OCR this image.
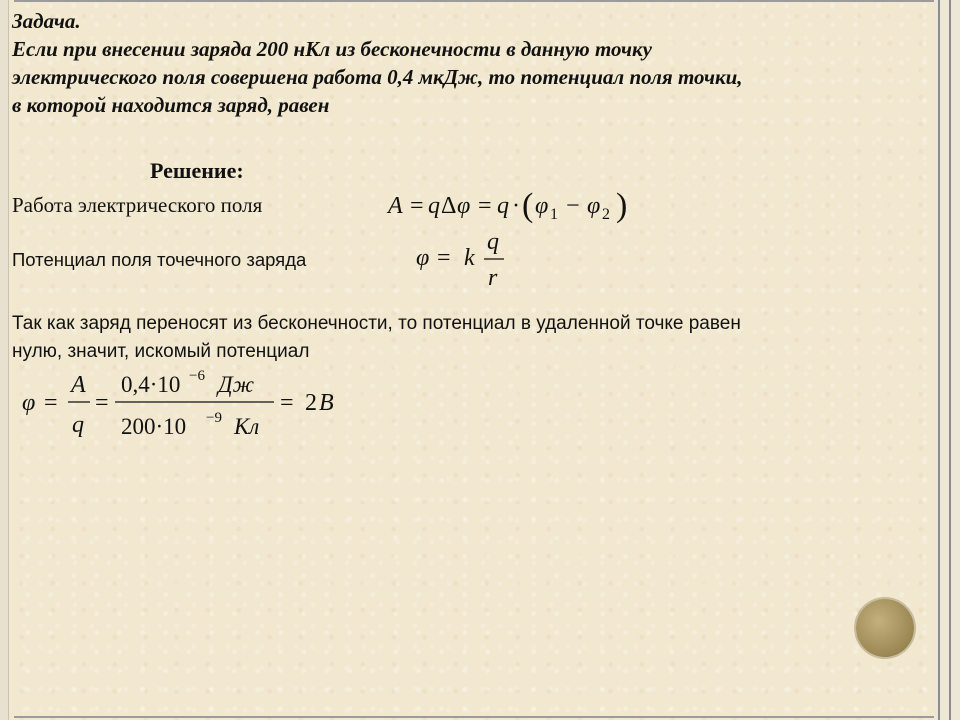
Задача.

Если при внесении заряда 200 нКл из бесконечности в данную точку

электрического поля совершена работа 0,4 мкДж, то потенциал поля точки,

в которой находится заряд, равен

Решение:
Работа электрического поля	A = q Δ φ = q · ( φ 1 − φ 2 )
Потенциал поля точечного заряда	φ = k
q
r

Так как заряд переносят из бесконечности, то потенциал в удаленной точке равен

нулю, значит, искомый потенциал

φ =
A
q
=
0,4·10 −6 Дж
200·10 −9 Кл
= 2 В
